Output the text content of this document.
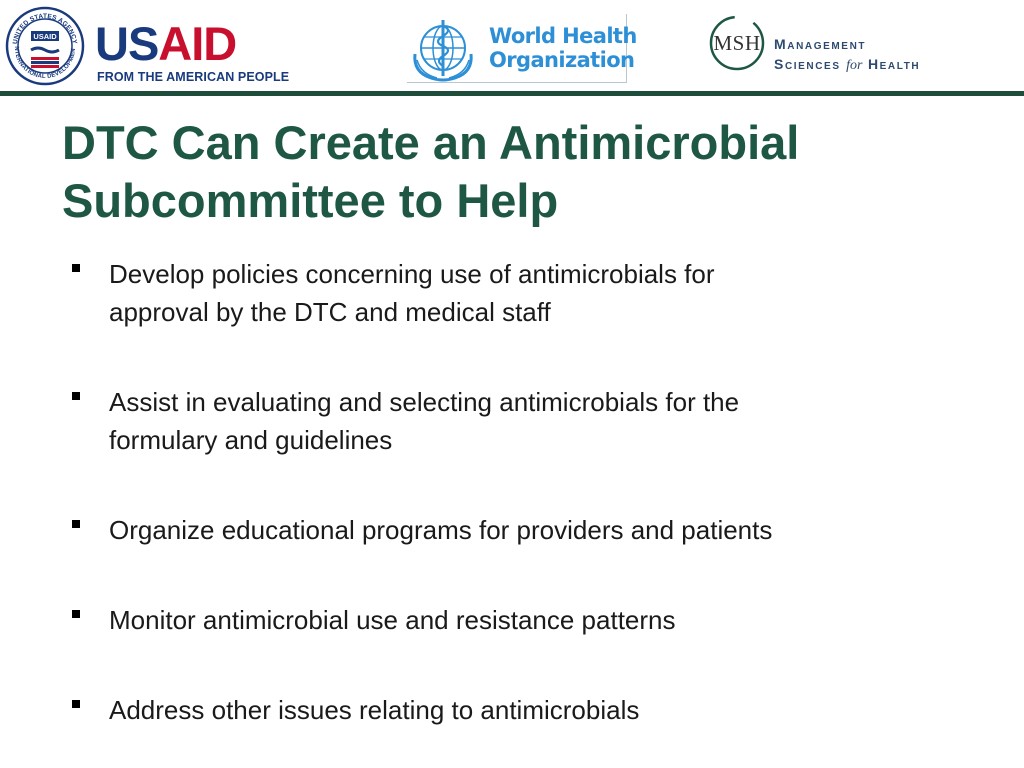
UNITED STATES AGENCY
NTERNATIONAL DEVELOPMEN
USAID USAID
FROM THE AMERICAN PEOPLE
World Health
Organization
MSH Management
Sciences for Health
DTC Can Create an Antimicrobial
Subcommittee to Help
Develop policies concerning use of antimicrobials for
approval by the DTC and medical staff
Assist in evaluating and selecting antimicrobials for the
formulary and guidelines
Organize educational programs for providers and patients
Monitor antimicrobial use and resistance patterns
Address other issues relating to antimicrobials
